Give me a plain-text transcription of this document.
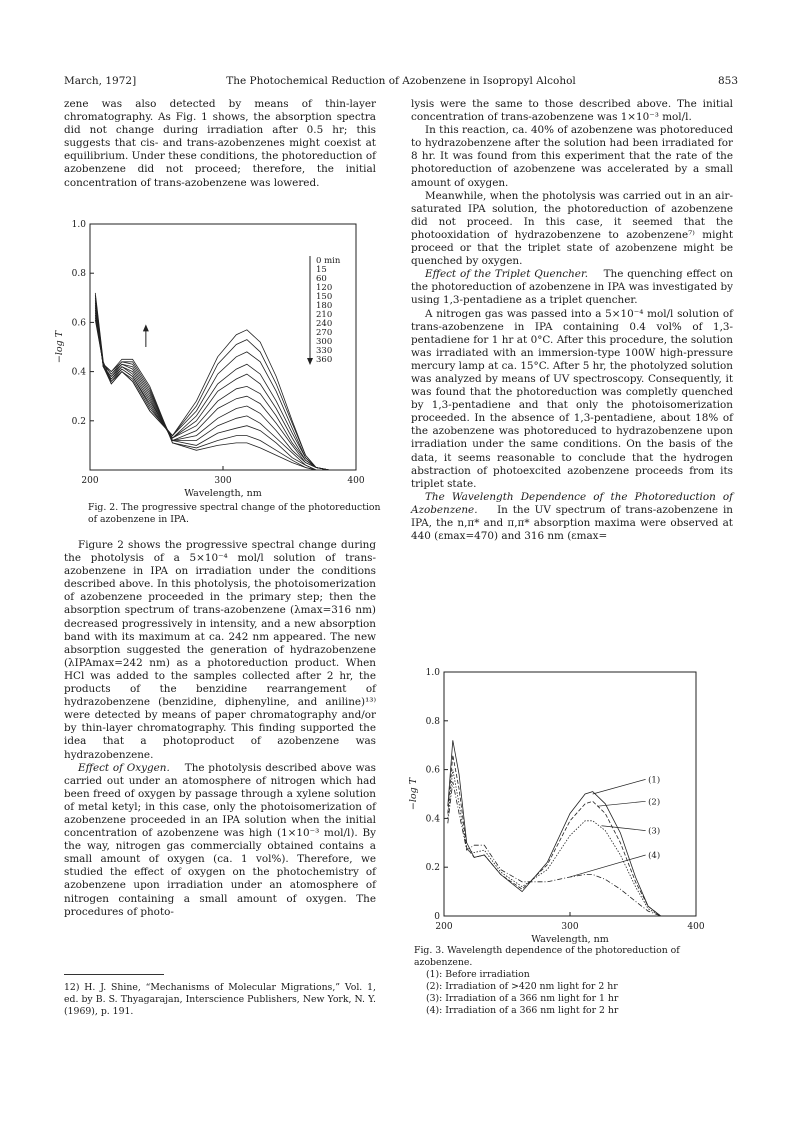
March, 1972]	The Photochemical Reduction of Azobenzene in Isopropyl Alcohol	853

zene was also detected by means of thin-layer chromatography. As Fig. 1 shows, the absorption spectra did not change during irradiation after 0.5 hr; this suggests that cis- and trans-azobenzenes might coexist at equilibrium. Under these conditions, the photoreduction of azobenzene did not proceed; therefore, the initial concentration of trans-azobenzene was lowered.

200	300	400
0.2
0.4
0.6
0.8
1.0
Wavelength, nm
−log T
0 min
15
60
120
150
180
210
240
270
300
330
360
Fig. 2. The progressive spectral change of the photoreduction of azobenzene in IPA.

Figure 2 shows the progressive spectral change during the photolysis of a 5×10⁻⁴ mol/l solution of trans-azobenzene in IPA on irradiation under the conditions described above. In this photolysis, the photoisomerization of azobenzene proceeded in the primary step; then the absorption spectrum of trans-azobenzene (λmax=316 nm) decreased progressively in intensity, and a new absorption band with its maximum at ca. 242 nm appeared. The new absorption suggested the generation of hydrazobenzene (λIPAmax=242 nm) as a photoreduction product. When HCl was added to the samples collected after 2 hr, the products of the benzidine rearrangement of hydrazobenzene (benzidine, diphenyline, and aniline)¹³⁾ were detected by means of paper chromatography and/or by thin-layer chromatography. This finding supported the idea that a photoproduct of azobenzene was hydrazobenzene.

Effect of Oxygen. The photolysis described above was carried out under an atomosphere of nitrogen which had been freed of oxygen by passage through a xylene solution of metal ketyl; in this case, only the photoisomerization of azobenzene proceeded in an IPA solution when the initial concentration of azobenzene was high (1×10⁻³ mol/l). By the way, nitrogen gas commercially obtained contains a small amount of oxygen (ca. 1 vol%). Therefore, we studied the effect of oxygen on the photochemistry of azobenzene upon irradiation under an atomosphere of nitrogen containing a small amount of oxygen. The procedures of photo-

12) H. J. Shine, “Mechanisms of Molecular Migrations,” Vol. 1, ed. by B. S. Thyagarajan, Interscience Publishers, New York, N. Y. (1969), p. 191.

lysis were the same to those described above. The initial concentration of trans-azobenzene was 1×10⁻³ mol/l.

In this reaction, ca. 40% of azobenzene was photoreduced to hydrazobenzene after the solution had been irradiated for 8 hr. It was found from this experiment that the rate of the photoreduction of azobenzene was accelerated by a small amount of oxygen.

Meanwhile, when the photolysis was carried out in an air-saturated IPA solution, the photoreduction of azobenzene did not proceed. In this case, it seemed that the photooxidation of hydrazobenzene to azobenzene⁷⁾ might proceed or that the triplet state of azobenzene might be quenched by oxygen.

Effect of the Triplet Quencher. The quenching effect on the photoreduction of azobenzene in IPA was investigated by using 1,3-pentadiene as a triplet quencher.

A nitrogen gas was passed into a 5×10⁻⁴ mol/l solution of trans-azobenzene in IPA containing 0.4 vol% of 1,3-pentadiene for 1 hr at 0°C. After this procedure, the solution was irradiated with an immersion-type 100W high-pressure mercury lamp at ca. 15°C. After 5 hr, the photolyzed solution was analyzed by means of UV spectroscopy. Consequently, it was found that the photoreduction was completly quenched by 1,3-pentadiene and that only the photoisomerization proceeded. In the absence of 1,3-pentadiene, about 18% of the azobenzene was photoreduced to hydrazobenzene upon irradiation under the same conditions. On the basis of the data, it seems reasonable to conclude that the hydrogen abstraction of photoexcited azobenzene proceeds from its triplet state.

The Wavelength Dependence of the Photoreduction of Azobenzene. In the UV spectrum of trans-azobenzene in IPA, the n,π* and π,π* absorption maxima were observed at 440 (εmax=470) and 316 nm (εmax=

200	300	400
0
0.2
0.4
0.6
0.8
1.0
Wavelength, nm
−log T	(1)
(2)
(3)
(4)
Fig. 3. Wavelength dependence of the photoreduction of azobenzene.
(1): Before irradiation
(2): Irradiation of >420 nm light for 2 hr
(3): Irradiation of a 366 nm light for 1 hr
(4): Irradiation of a 366 nm light for 2 hr
